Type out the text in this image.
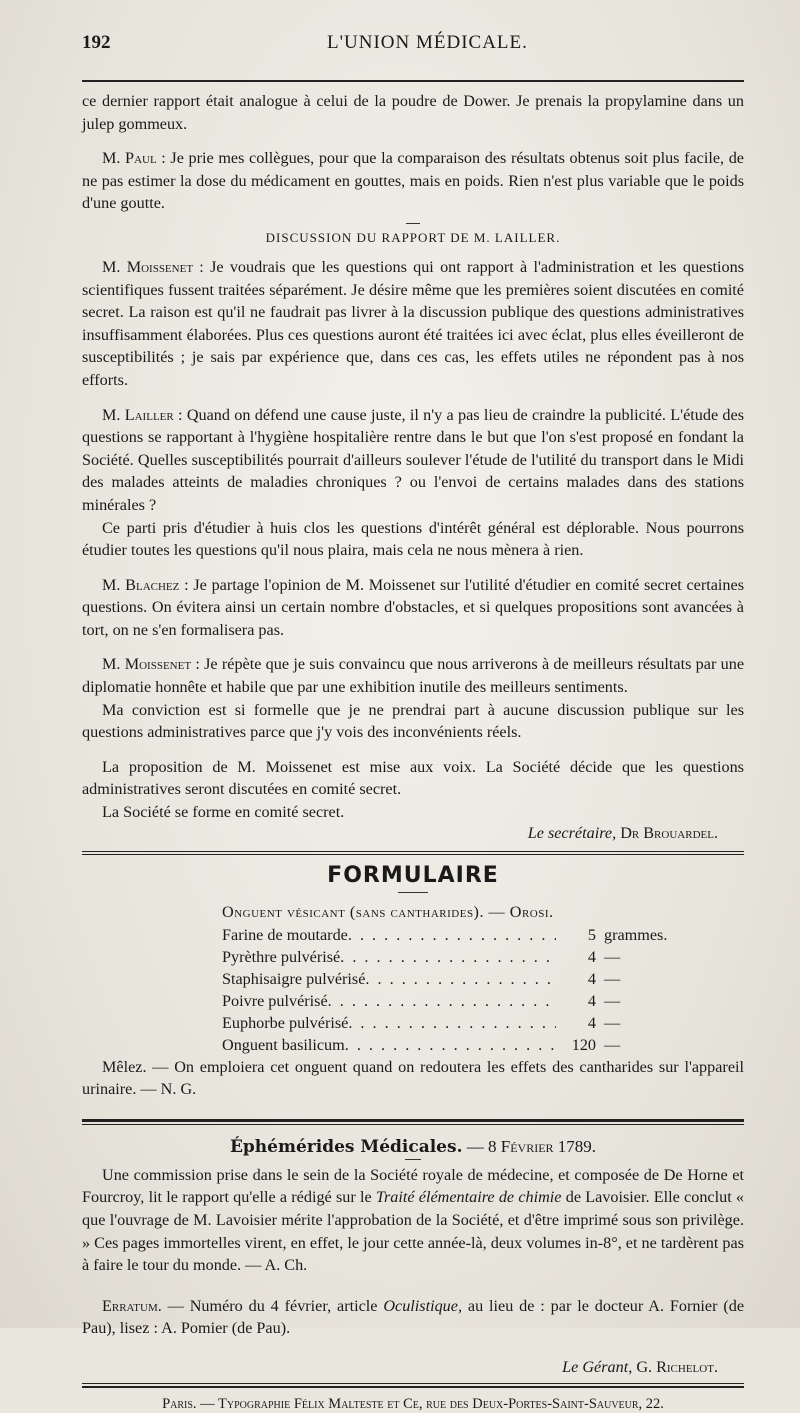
192	L'UNION MÉDICALE.

ce dernier rapport était analogue à celui de la poudre de Dower. Je prenais la propylamine dans un julep gommeux.

M. Paul : Je prie mes collègues, pour que la comparaison des résultats obtenus soit plus facile, de ne pas estimer la dose du médicament en gouttes, mais en poids. Rien n'est plus variable que le poids d'une goutte.

DISCUSSION DU RAPPORT DE M. LAILLER.

M. Moissenet : Je voudrais que les questions qui ont rapport à l'administration et les questions scientifiques fussent traitées séparément. Je désire même que les premières soient discutées en comité secret. La raison est qu'il ne faudrait pas livrer à la discussion publique des questions administratives insuffisamment élaborées. Plus ces questions auront été traitées ici avec éclat, plus elles éveilleront de susceptibilités ; je sais par expérience que, dans ces cas, les effets utiles ne répondent pas à nos efforts.

M. Lailler : Quand on défend une cause juste, il n'y a pas lieu de craindre la publicité. L'étude des questions se rapportant à l'hygiène hospitalière rentre dans le but que l'on s'est proposé en fondant la Société. Quelles susceptibilités pourrait d'ailleurs soulever l'étude de l'utilité du transport dans le Midi des malades atteints de maladies chroniques ? ou l'envoi de certains malades dans des stations minérales ?

Ce parti pris d'étudier à huis clos les questions d'intérêt général est déplorable. Nous pourrons étudier toutes les questions qu'il nous plaira, mais cela ne nous mènera à rien.

M. Blachez : Je partage l'opinion de M. Moissenet sur l'utilité d'étudier en comité secret certaines questions. On évitera ainsi un certain nombre d'obstacles, et si quelques propositions sont avancées à tort, on ne s'en formalisera pas.

M. Moissenet : Je répète que je suis convaincu que nous arriverons à de meilleurs résultats par une diplomatie honnête et habile que par une exhibition inutile des meilleurs sentiments.

Ma conviction est si formelle que je ne prendrai part à aucune discussion publique sur les questions administratives parce que j'y vois des inconvénients réels.

La proposition de M. Moissenet est mise aux voix. La Société décide que les questions administratives seront discutées en comité secret.

La Société se forme en comité secret.

Le secrétaire, Dr Brouardel.
FORMULAIRE
Onguent vésicant (sans cantharides). — Orosi.
Farine de moutarde . . .	5 grammes.
Pyrèthre pulvérisé . . .	4 —
Staphisaigre pulvérisé . . .	4 —
Poivre pulvérisé . . .	4 —
Euphorbe pulvérisé . . .	4 —
Onguent basilicum . . .	120 —

Mêlez. — On emploiera cet onguent quand on redoutera les effets des cantharides sur l'appareil urinaire. — N. G.

Éphémérides Médicales. — 8 Février 1789.

Une commission prise dans le sein de la Société royale de médecine, et composée de De Horne et Fourcroy, lit le rapport qu'elle a rédigé sur le Traité élémentaire de chimie de Lavoisier. Elle conclut « que l'ouvrage de M. Lavoisier mérite l'approbation de la Société, et d'être imprimé sous son privilège. » Ces pages immortelles virent, en effet, le jour cette année-là, deux volumes in-8°, et ne tardèrent pas à faire le tour du monde. — A. Ch.

Erratum. — Numéro du 4 février, article Oculistique, au lieu de : par le docteur A. Fornier (de Pau), lisez : A. Pomier (de Pau).

Le Gérant, G. Richelot.
Paris. — Typographie Félix Malteste et Ce, rue des Deux-Portes-Saint-Sauveur, 22.
